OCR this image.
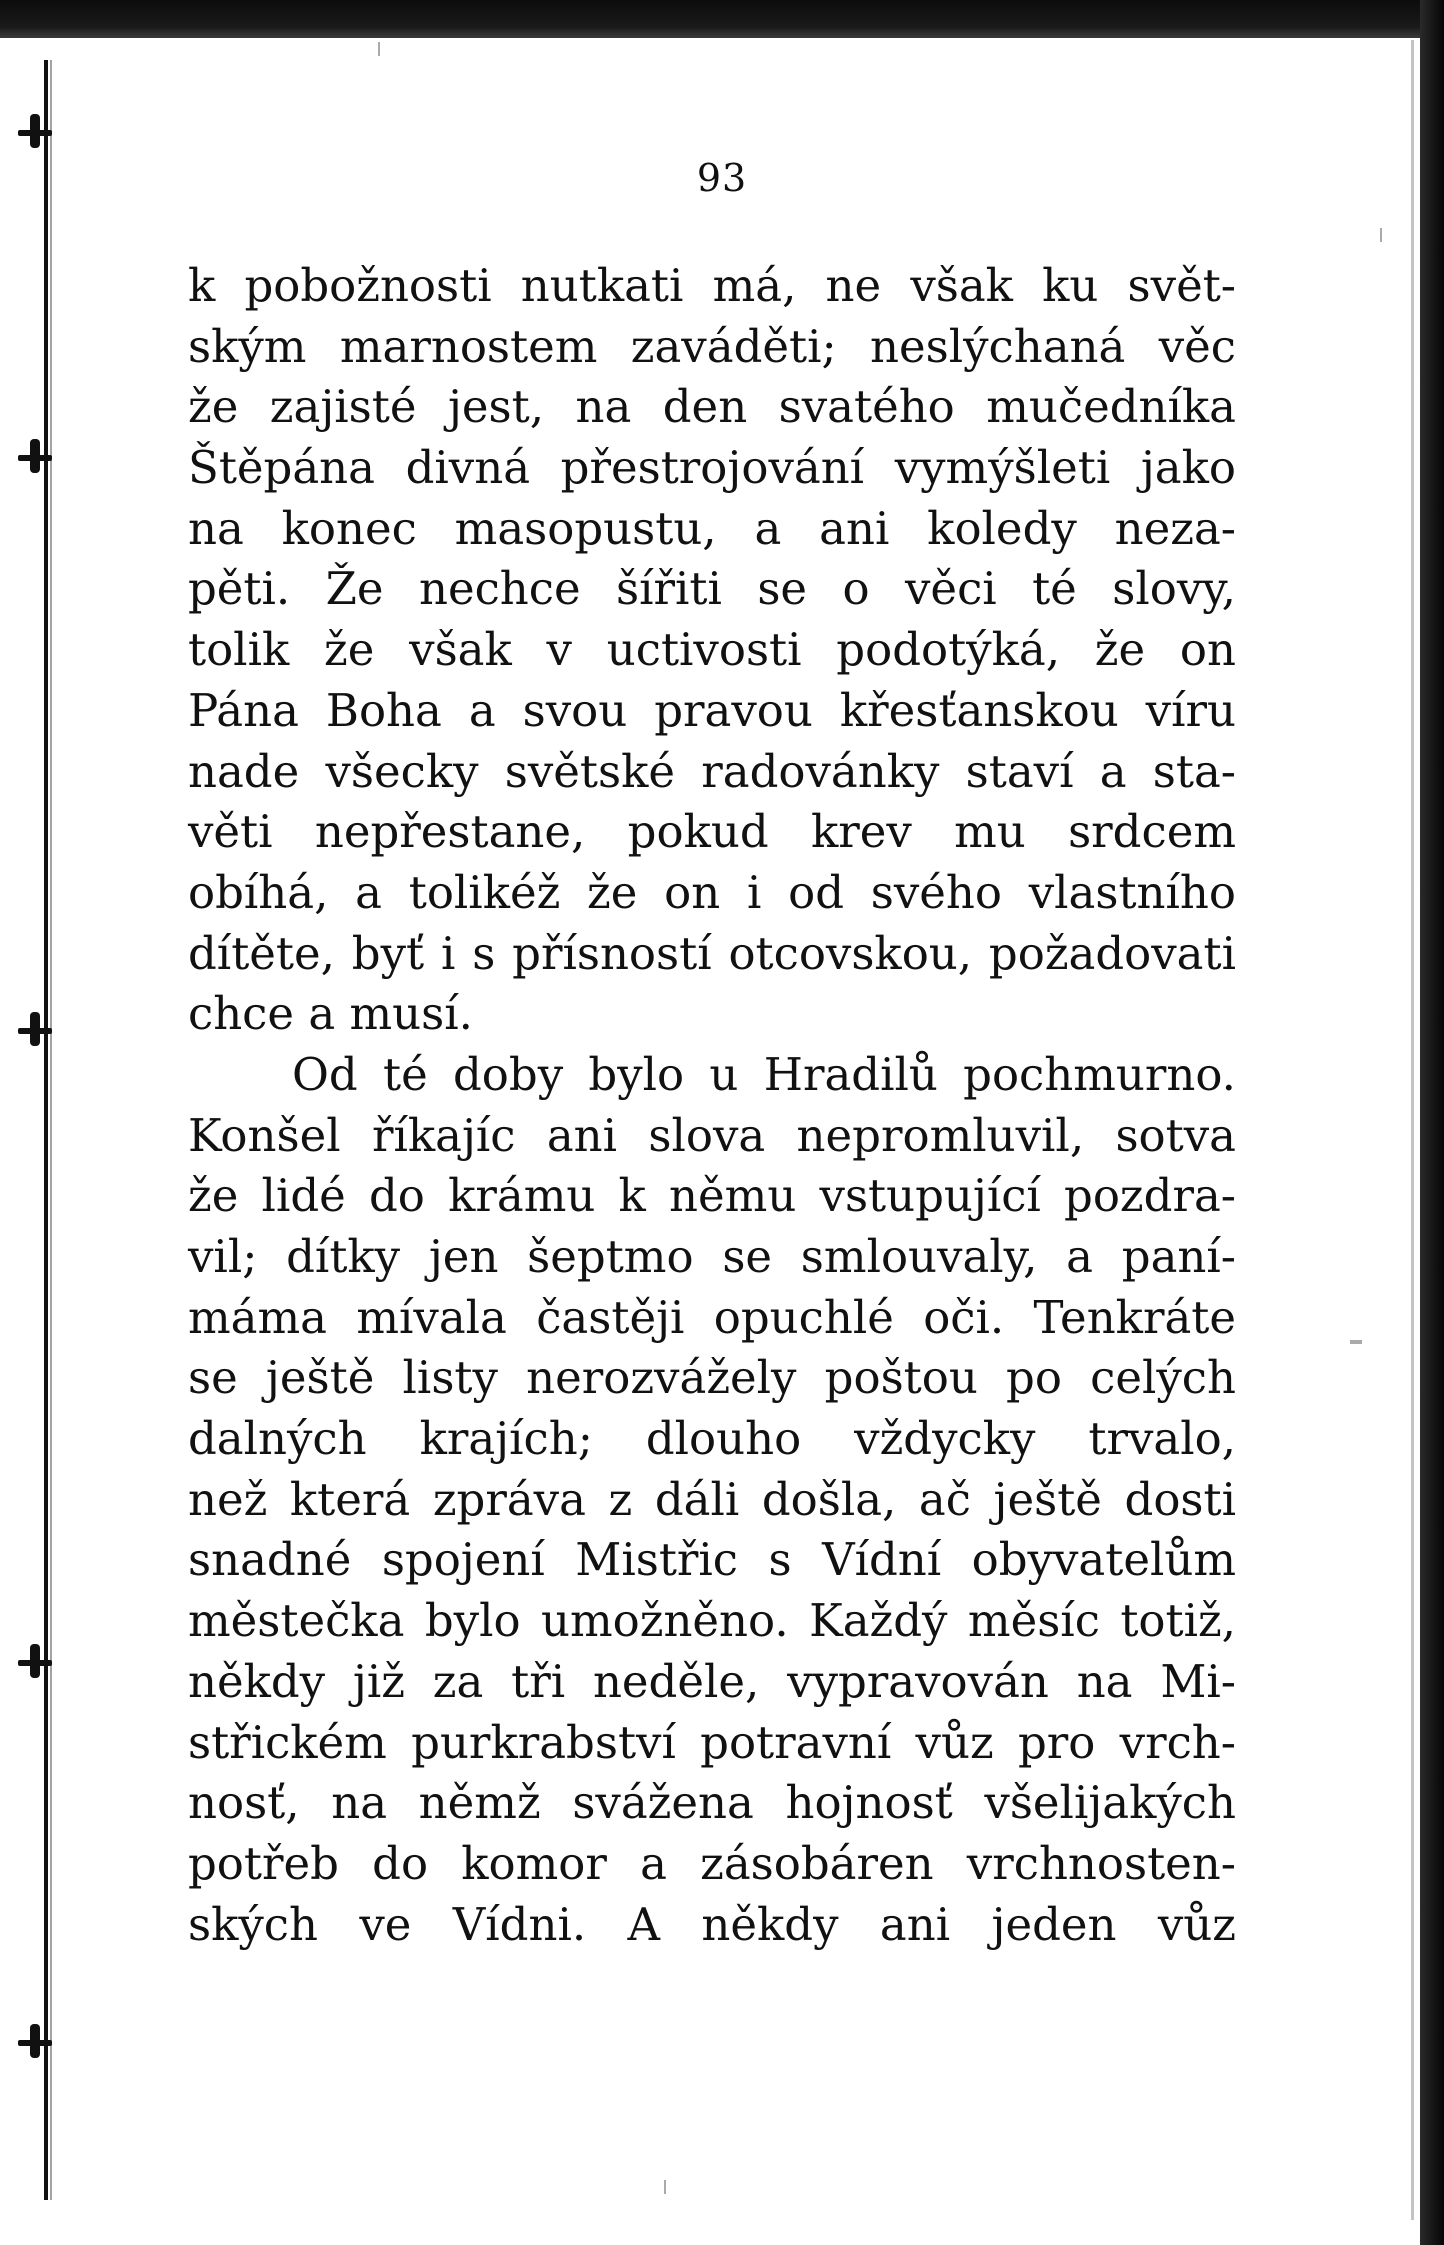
93
k pobožnosti nutkati má, ne však ku svět-
ským marnostem zaváděti; neslýchaná věc
že zajisté jest, na den svatého mučedníka
Štěpána divná přestrojování vymýšleti jako
na konec masopustu, a ani koledy neza-
pěti. Že nechce šířiti se o věci té slovy,
tolik že však v uctivosti podotýká, že on
Pána Boha a svou pravou křesťanskou víru
nade všecky světské radovánky staví a sta-
věti nepřestane, pokud krev mu srdcem
obíhá, a tolikéž že on i od svého vlastního
dítěte, byť i s přísností otcovskou, požadovati
chce a musí.
Od té doby bylo u Hradilů pochmurno.
Konšel říkajíc ani slova nepromluvil, sotva
že lidé do krámu k němu vstupující pozdra-
vil; dítky jen šeptmo se smlouvaly, a paní-
máma mívala častěji opuchlé oči. Tenkráte
se ještě listy nerozvážely poštou po celých
dalných krajích; dlouho vždycky trvalo,
než která zpráva z dáli došla, ač ještě dosti
snadné spojení Mistřic s Vídní obyvatelům
městečka bylo umožněno. Každý měsíc totiž,
někdy již za tři neděle, vypravován na Mi-
střickém purkrabství potravní vůz pro vrch-
nosť, na němž svážena hojnosť všelijakých
potřeb do komor a zásobáren vrchnosten-
ských ve Vídni. A někdy ani jeden vůz
